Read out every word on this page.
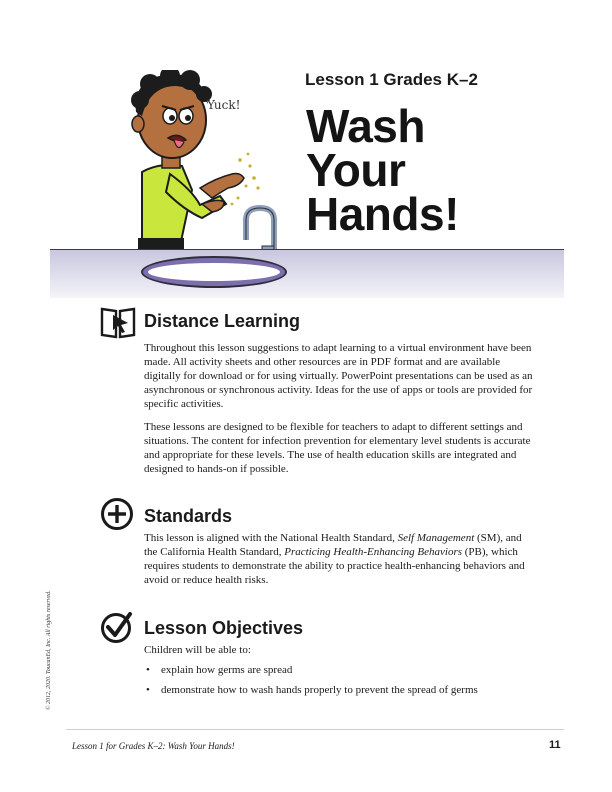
Yuck!
Lesson 1 Grades K–2
Wash
Your
Hands!
Distance Learning

Throughout this lesson suggestions to adapt learning to a virtual environment have been made. All activity sheets and other resources are in PDF format and are available digitally for download or for using virtually. PowerPoint presentations can be used as an asynchronous or synchronous activity. Ideas for the use of apps or tools are provided for specific activities.

These lessons are designed to be flexible for teachers to adapt to different settings and situations. The content for infection prevention for elementary level students is accurate and appropriate for these levels. The use of health education skills are integrated and designed to hands-on if possible.

Standards

This lesson is aligned with the National Health Standard, Self Management (SM), and the California Health Standard, Practicing Health-Enhancing Behaviors (PB), which requires students to demonstrate the ability to practice health-enhancing behaviors and avoid or reduce health risks.

Lesson Objectives

Children will be able to:

• explain how germs are spread
• demonstrate how to wash hands properly to prevent the spread of germs
© 2012, 2020. ToucanEd, Inc. All rights reserved.
Lesson 1 for Grades K–2: Wash Your Hands!	11
